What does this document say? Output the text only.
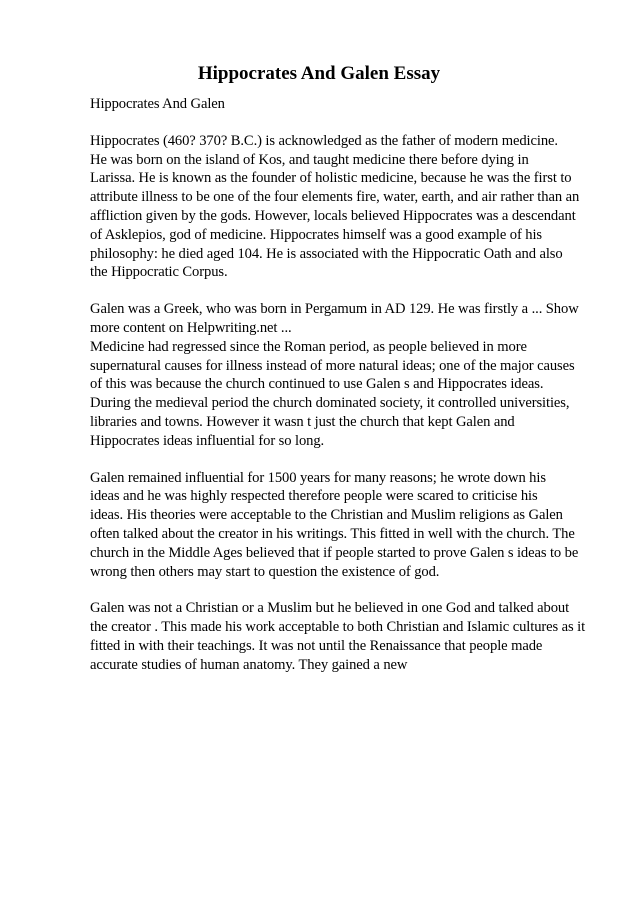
Hippocrates And Galen Essay
Hippocrates And Galen

Hippocrates (460? 370? B.C.) is acknowledged as the father of modern medicine.
He was born on the island of Kos, and taught medicine there before dying in
Larissa. He is known as the founder of holistic medicine, because he was the first to
attribute illness to be one of the four elements fire, water, earth, and air rather than an
affliction given by the gods. However, locals believed Hippocrates was a descendant
of Asklepios, god of medicine. Hippocrates himself was a good example of his
philosophy: he died aged 104. He is associated with the Hippocratic Oath and also
the Hippocratic Corpus.

Galen was a Greek, who was born in Pergamum in AD 129. He was firstly a ... Show
more content on Helpwriting.net ...
Medicine had regressed since the Roman period, as people believed in more
supernatural causes for illness instead of more natural ideas; one of the major causes
of this was because the church continued to use Galen s and Hippocrates ideas.
During the medieval period the church dominated society, it controlled universities,
libraries and towns. However it wasn t just the church that kept Galen and
Hippocrates ideas influential for so long.

Galen remained influential for 1500 years for many reasons; he wrote down his
ideas and he was highly respected therefore people were scared to criticise his
ideas. His theories were acceptable to the Christian and Muslim religions as Galen
often talked about the creator in his writings. This fitted in well with the church. The
church in the Middle Ages believed that if people started to prove Galen s ideas to be
wrong then others may start to question the existence of god.

Galen was not a Christian or a Muslim but he believed in one God and talked about
the creator . This made his work acceptable to both Christian and Islamic cultures as it
fitted in with their teachings. It was not until the Renaissance that people made
accurate studies of human anatomy. They gained a new
